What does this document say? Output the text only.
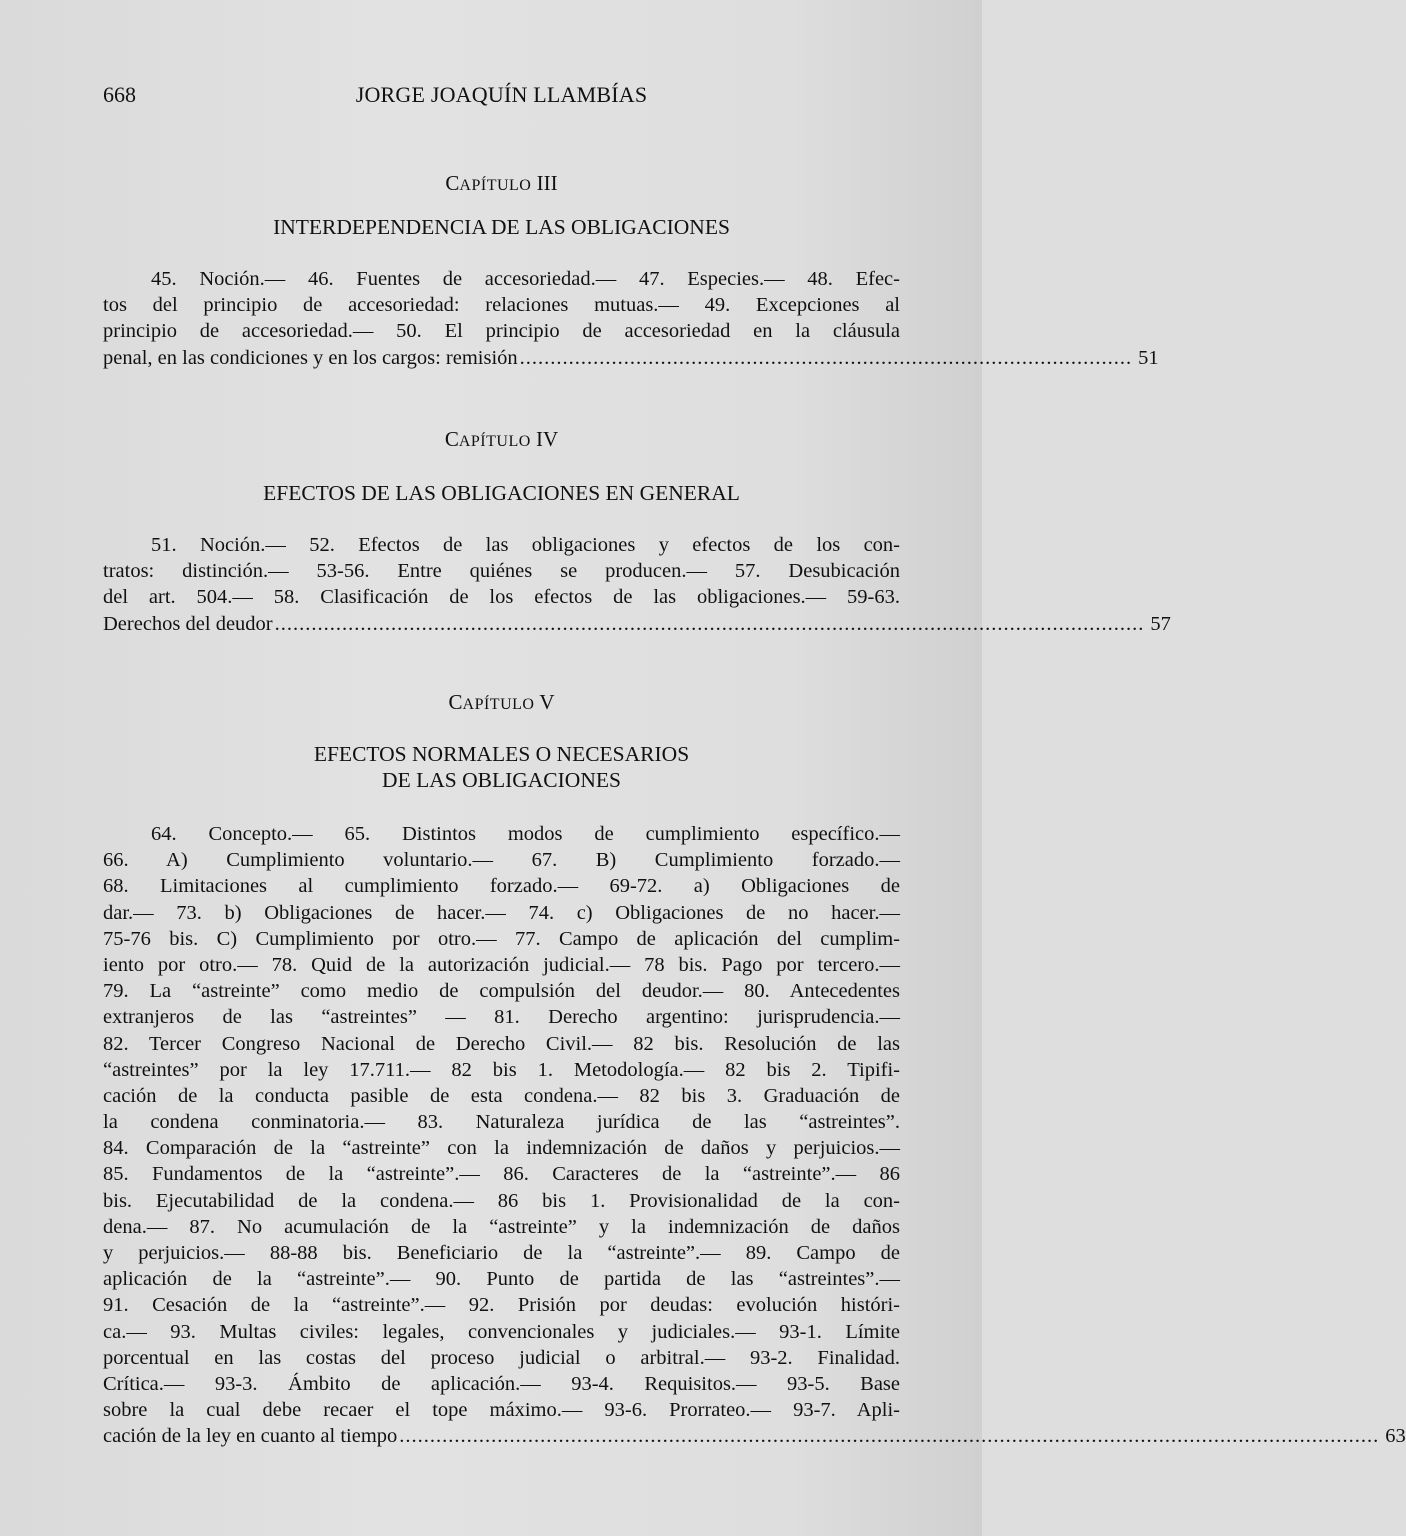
668	JORGE JOAQUÍN LLAMBÍAS
CAPÍTULO III
INTERDEPENDENCIA DE LAS OBLIGACIONES
45. Noción.— 46. Fuentes de accesoriedad.— 47. Especies.— 48. Efec-
tos del principio de accesoriedad: relaciones mutuas.— 49. Excepciones al
principio de accesoriedad.— 50. El principio de accesoriedad en la cláusula
penal, en las condiciones y en los cargos: remisión .................................................................................................... 51
CAPÍTULO IV
EFECTOS DE LAS OBLIGACIONES EN GENERAL
51. Noción.— 52. Efectos de las obligaciones y efectos de los con-
tratos: distinción.— 53-56. Entre quiénes se producen.— 57. Desubicación
del art. 504.— 58. Clasificación de los efectos de las obligaciones.— 59-63.
Derechos del deudor .............................................................................................................................................. 57
CAPÍTULO V
EFECTOS NORMALES O NECESARIOS
DE LAS OBLIGACIONES
64. Concepto.— 65. Distintos modos de cumplimiento específico.—
66. A) Cumplimiento voluntario.— 67. B) Cumplimiento forzado.—
68. Limitaciones al cumplimiento forzado.— 69-72. a) Obligaciones de
dar.— 73. b) Obligaciones de hacer.— 74. c) Obligaciones de no hacer.—
75-76 bis. C) Cumplimiento por otro.— 77. Campo de aplicación del cumplim-
iento por otro.— 78. Quid de la autorización judicial.— 78 bis. Pago por tercero.—
79. La “astreinte” como medio de compulsión del deudor.— 80. Antecedentes
extranjeros de las “astreintes” — 81. Derecho argentino: jurisprudencia.—
82. Tercer Congreso Nacional de Derecho Civil.— 82 bis. Resolución de las
“astreintes” por la ley 17.711.— 82 bis 1. Metodología.— 82 bis 2. Tipifi-
cación de la conducta pasible de esta condena.— 82 bis 3. Graduación de
la condena conminatoria.— 83. Naturaleza jurídica de las “astreintes”.
84. Comparación de la “astreinte” con la indemnización de daños y perjuicios.—
85. Fundamentos de la “astreinte”.— 86. Caracteres de la “astreinte”.— 86
bis. Ejecutabilidad de la condena.— 86 bis 1. Provisionalidad de la con-
dena.— 87. No acumulación de la “astreinte” y la indemnización de daños
y perjuicios.— 88-88 bis. Beneficiario de la “astreinte”.— 89. Campo de
aplicación de la “astreinte”.— 90. Punto de partida de las “astreintes”.—
91. Cesación de la “astreinte”.— 92. Prisión por deudas: evolución históri-
ca.— 93. Multas civiles: legales, convencionales y judiciales.— 93-1. Límite
porcentual en las costas del proceso judicial o arbitral.— 93-2. Finalidad.
Crítica.— 93-3. Ámbito de aplicación.— 93-4. Requisitos.— 93-5. Base
sobre la cual debe recaer el tope máximo.— 93-6. Prorrateo.— 93-7. Apli-
cación de la ley en cuanto al tiempo ................................................................................................................................................................ 63
